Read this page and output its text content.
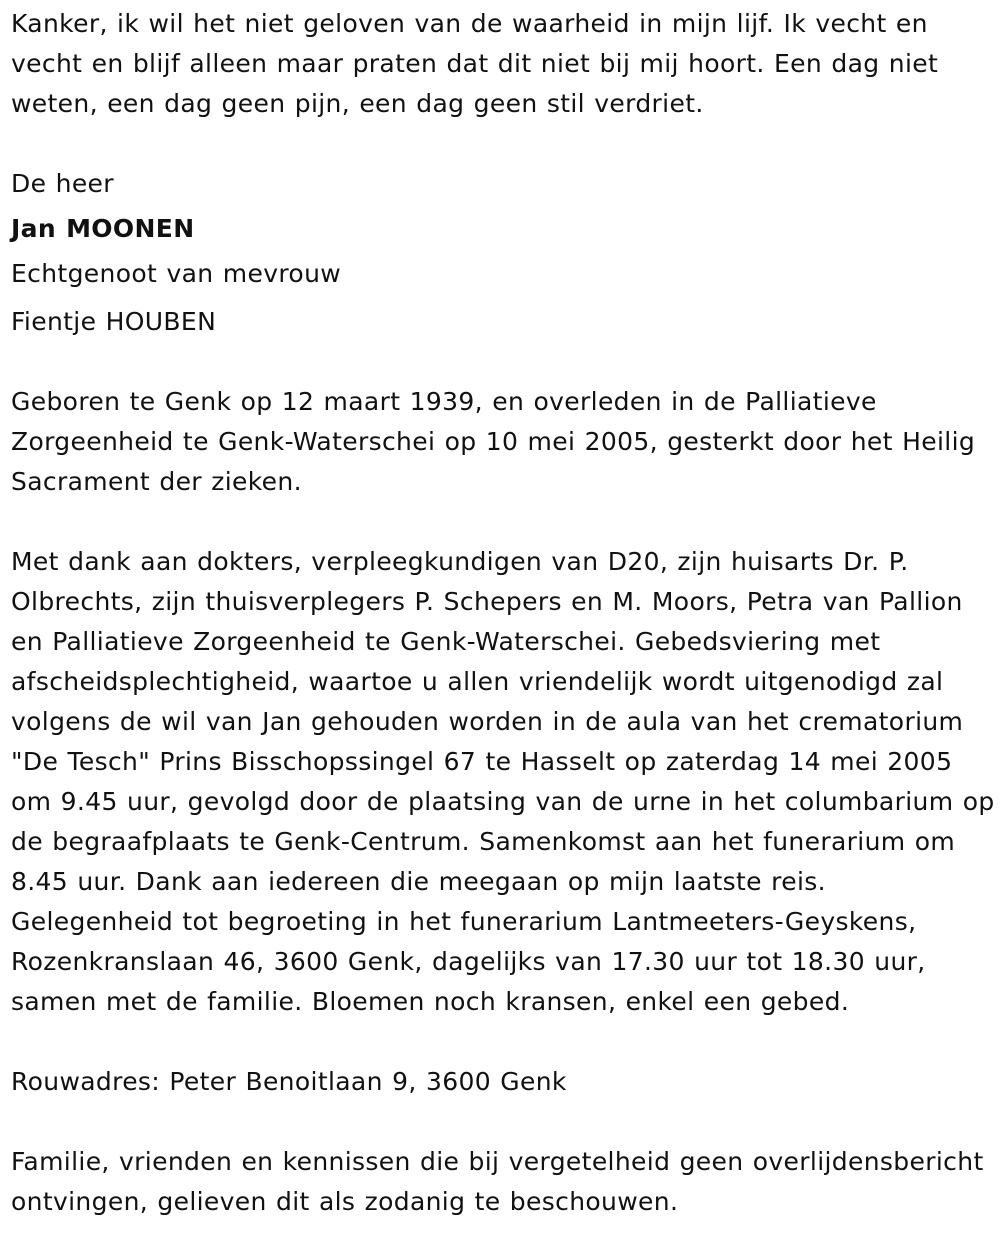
Kanker, ik wil het niet geloven van de waarheid in mijn lijf. Ik vecht en vecht en blijf alleen maar praten dat dit niet bij mij hoort. Een dag niet weten, een dag geen pijn, een dag geen stil verdriet.

De heer

Jan MOONEN

Echtgenoot van mevrouw

Fientje HOUBEN

Geboren te Genk op 12 maart 1939, en overleden in de Palliatieve Zorgeenheid te Genk-Waterschei op 10 mei 2005, gesterkt door het Heilig Sacrament der zieken.

Met dank aan dokters, verpleegkundigen van D20, zijn huisarts Dr. P. Olbrechts, zijn thuisverplegers P. Schepers en M. Moors, Petra van Pallion en Palliatieve Zorgeenheid te Genk-Waterschei. Gebedsviering met afscheidsplechtigheid, waartoe u allen vriendelijk wordt uitgenodigd zal volgens de wil van Jan gehouden worden in de aula van het crematorium "De Tesch" Prins Bisschopssingel 67 te Hasselt op zaterdag 14 mei 2005 om 9.45 uur, gevolgd door de plaatsing van de urne in het columbarium op de begraafplaats te Genk-Centrum. Samenkomst aan het funerarium om 8.45 uur. Dank aan iedereen die meegaan op mijn laatste reis. Gelegenheid tot begroeting in het funerarium Lantmeeters-Geyskens, Rozenkranslaan 46, 3600 Genk, dagelijks van 17.30 uur tot 18.30 uur, samen met de familie. Bloemen noch kransen, enkel een gebed.

Rouwadres: Peter Benoitlaan 9, 3600 Genk

Familie, vrienden en kennissen die bij vergetelheid geen overlijdensbericht ontvingen, gelieven dit als zodanig te beschouwen.
